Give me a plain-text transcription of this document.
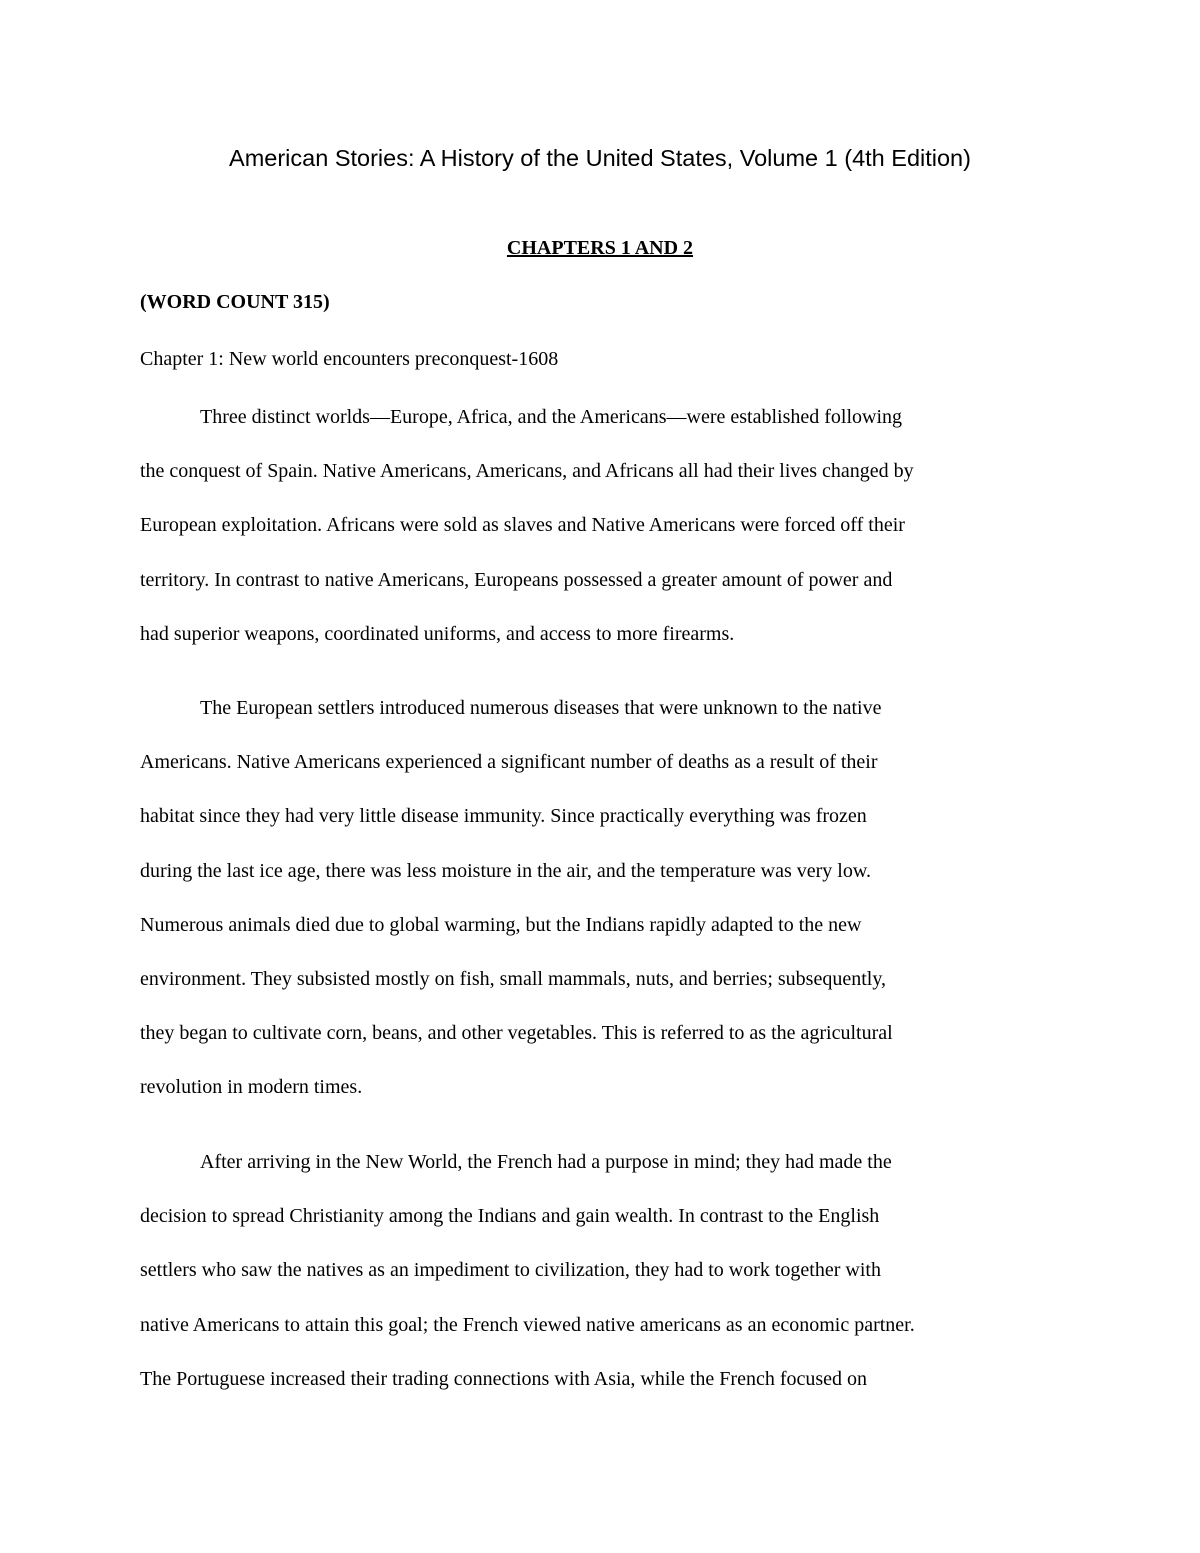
American Stories: A History of the United States, Volume 1 (4th Edition)
CHAPTERS 1 AND 2

(WORD COUNT 315)

Chapter 1: New world encounters preconquest-1608

Three distinct worlds—Europe, Africa, and the Americans—were established following
the conquest of Spain. Native Americans, Americans, and Africans all had their lives changed by
European exploitation. Africans were sold as slaves and Native Americans were forced off their
territory. In contrast to native Americans, Europeans possessed a greater amount of power and
had superior weapons, coordinated uniforms, and access to more firearms.
The European settlers introduced numerous diseases that were unknown to the native
Americans. Native Americans experienced a significant number of deaths as a result of their
habitat since they had very little disease immunity. Since practically everything was frozen
during the last ice age, there was less moisture in the air, and the temperature was very low.
Numerous animals died due to global warming, but the Indians rapidly adapted to the new
environment. They subsisted mostly on fish, small mammals, nuts, and berries; subsequently,
they began to cultivate corn, beans, and other vegetables. This is referred to as the agricultural
revolution in modern times.
After arriving in the New World, the French had a purpose in mind; they had made the
decision to spread Christianity among the Indians and gain wealth. In contrast to the English
settlers who saw the natives as an impediment to civilization, they had to work together with
native Americans to attain this goal; the French viewed native americans as an economic partner.
The Portuguese increased their trading connections with Asia, while the French focused on
